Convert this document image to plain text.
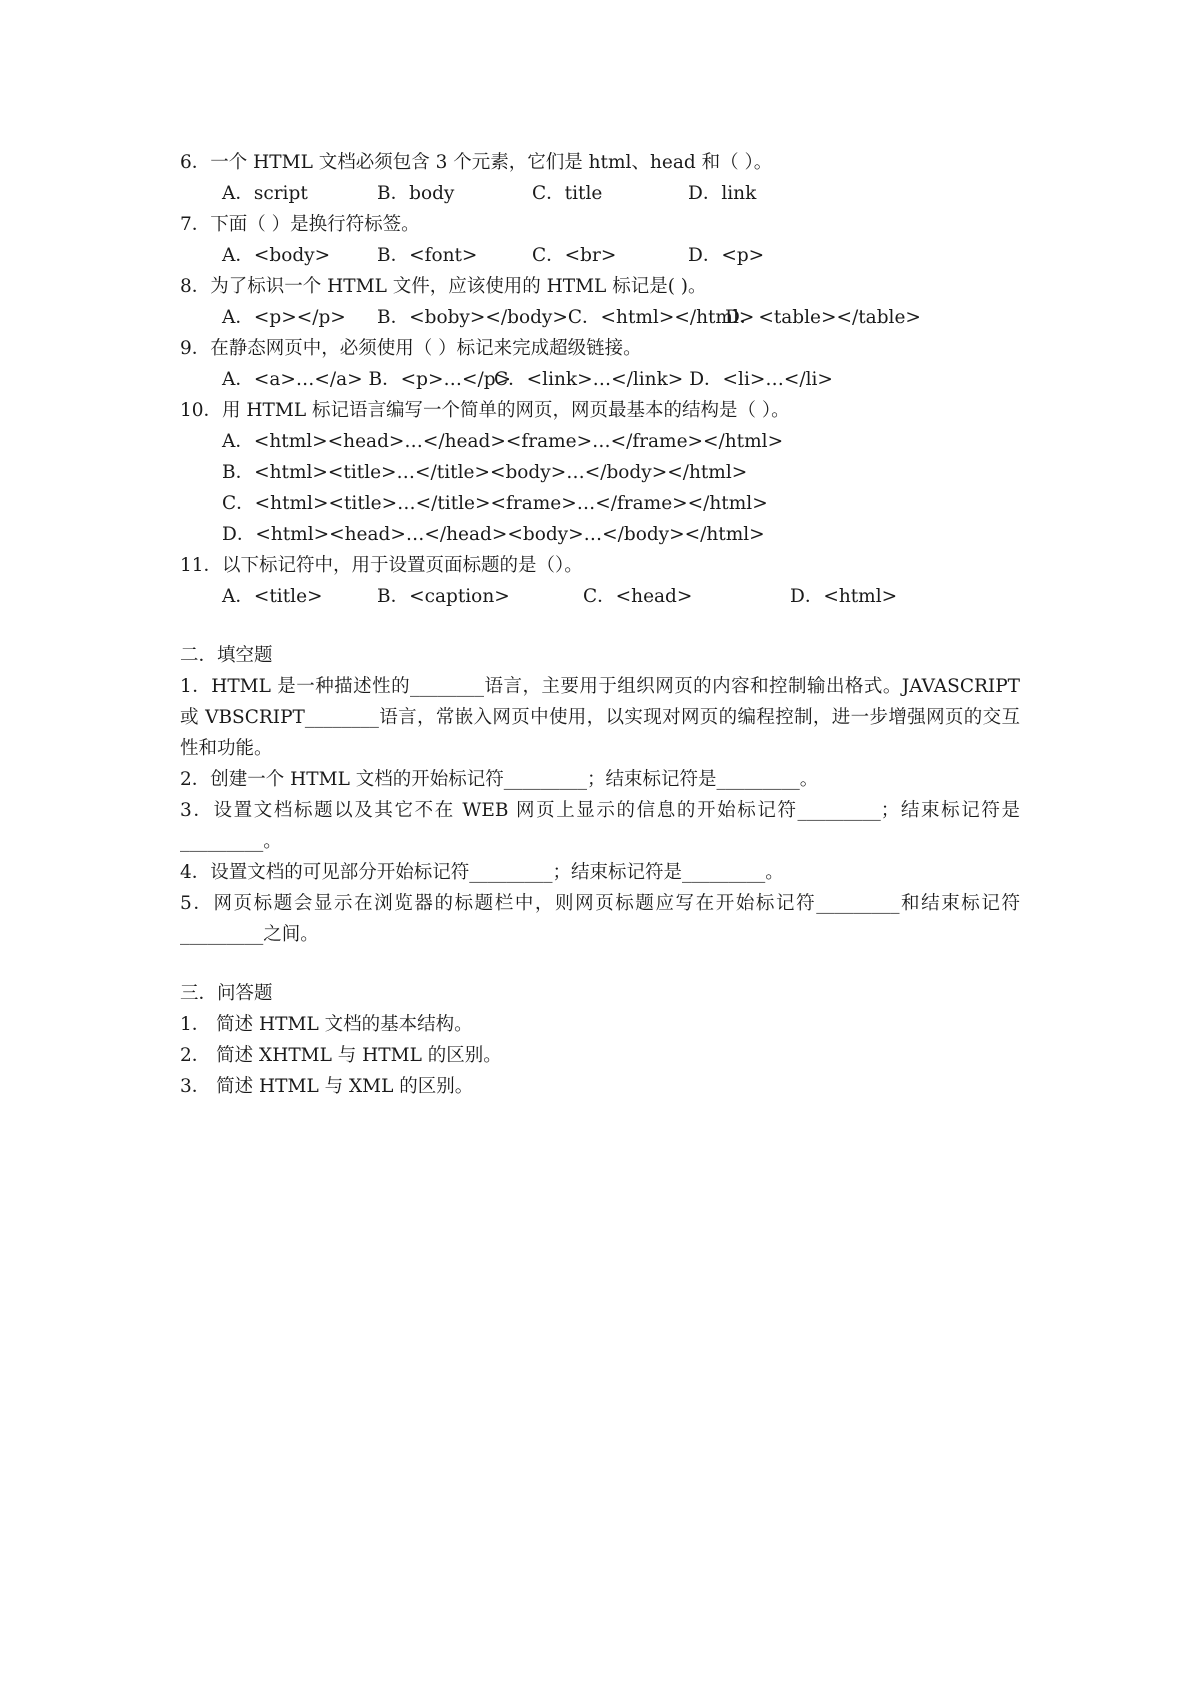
6．一个 HTML 文档必须包含 3 个元素，它们是 html、head 和（ ）。
A．script	B．body	C．title	D．link
7．下面（ ）是换行符标签。
A．<body>	B．<font>	C．<br>	D．<p>
8．为了标识一个 HTML 文件，应该使用的 HTML 标记是( )。
A．<p></p> B．<boby></body>C．<html></html>
D．<table></table>
9．在静态网页中，必须使用（ ）标记来完成超级链接。
A．<a>…</a> B．<p>…</p>
C．<link>…</link> D．<li>…</li>
10．用 HTML 标记语言编写一个简单的网页，网页最基本的结构是（ ）。
A．<html><head>…</head><frame>…</frame></html>
B．<html><title>…</title><body>…</body></html>
C．<html><title>…</title><frame>…</frame></html>
D．<html><head>…</head><body>…</body></html>
11．以下标记符中，用于设置页面标题的是（）。
A．<title>	B．<caption>	C．<head>	D．<html>
二．填空题
1．HTML 是一种描述性的________语言，主要用于组织网页的内容和控制输出格式。JAVASCRIPT 或 VBSCRIPT________语言，常嵌入网页中使用，以实现对网页的编程控制，进一步增强网页的交互性和功能。
2．创建一个 HTML 文档的开始标记符_________；结束标记符是_________。
3．设置文档标题以及其它不在 WEB 网页上显示的信息的开始标记符_________；结束标记符是_________。
4．设置文档的可见部分开始标记符_________；结束标记符是_________。
5．网页标题会显示在浏览器的标题栏中，则网页标题应写在开始标记符_________和结束标记符_________之间。
三．问答题
1． 简述 HTML 文档的基本结构。
2． 简述 XHTML 与 HTML 的区别。
3． 简述 HTML 与 XML 的区别。
